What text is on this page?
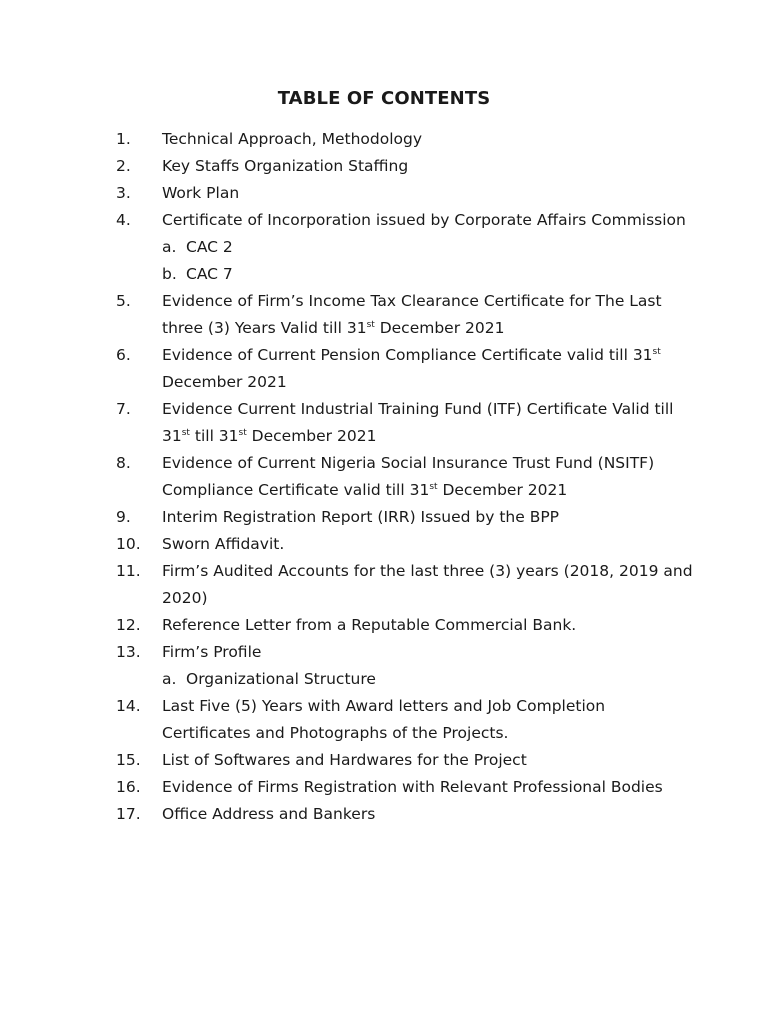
TABLE OF CONTENTS
1. Technical Approach, Methodology
2. Key Staffs Organization Staffing
3. Work Plan
4. Certificate of Incorporation issued by Corporate Affairs Commission
a. CAC 2
b. CAC 7
5. Evidence of Firm’s Income Tax Clearance Certificate for The Last
three (3) Years Valid till 31st December 2021
6. Evidence of Current Pension Compliance Certificate valid till 31st
December 2021
7. Evidence Current Industrial Training Fund (ITF) Certificate Valid till
31st till 31st December 2021
8. Evidence of Current Nigeria Social Insurance Trust Fund (NSITF)
Compliance Certificate valid till 31st December 2021
9. Interim Registration Report (IRR) Issued by the BPP
10. Sworn Affidavit.
11. Firm’s Audited Accounts for the last three (3) years (2018, 2019 and
2020)
12. Reference Letter from a Reputable Commercial Bank.
13. Firm’s Profile
a. Organizational Structure
14. Last Five (5) Years with Award letters and Job Completion
Certificates and Photographs of the Projects.
15. List of Softwares and Hardwares for the Project
16. Evidence of Firms Registration with Relevant Professional Bodies
17. Office Address and Bankers
